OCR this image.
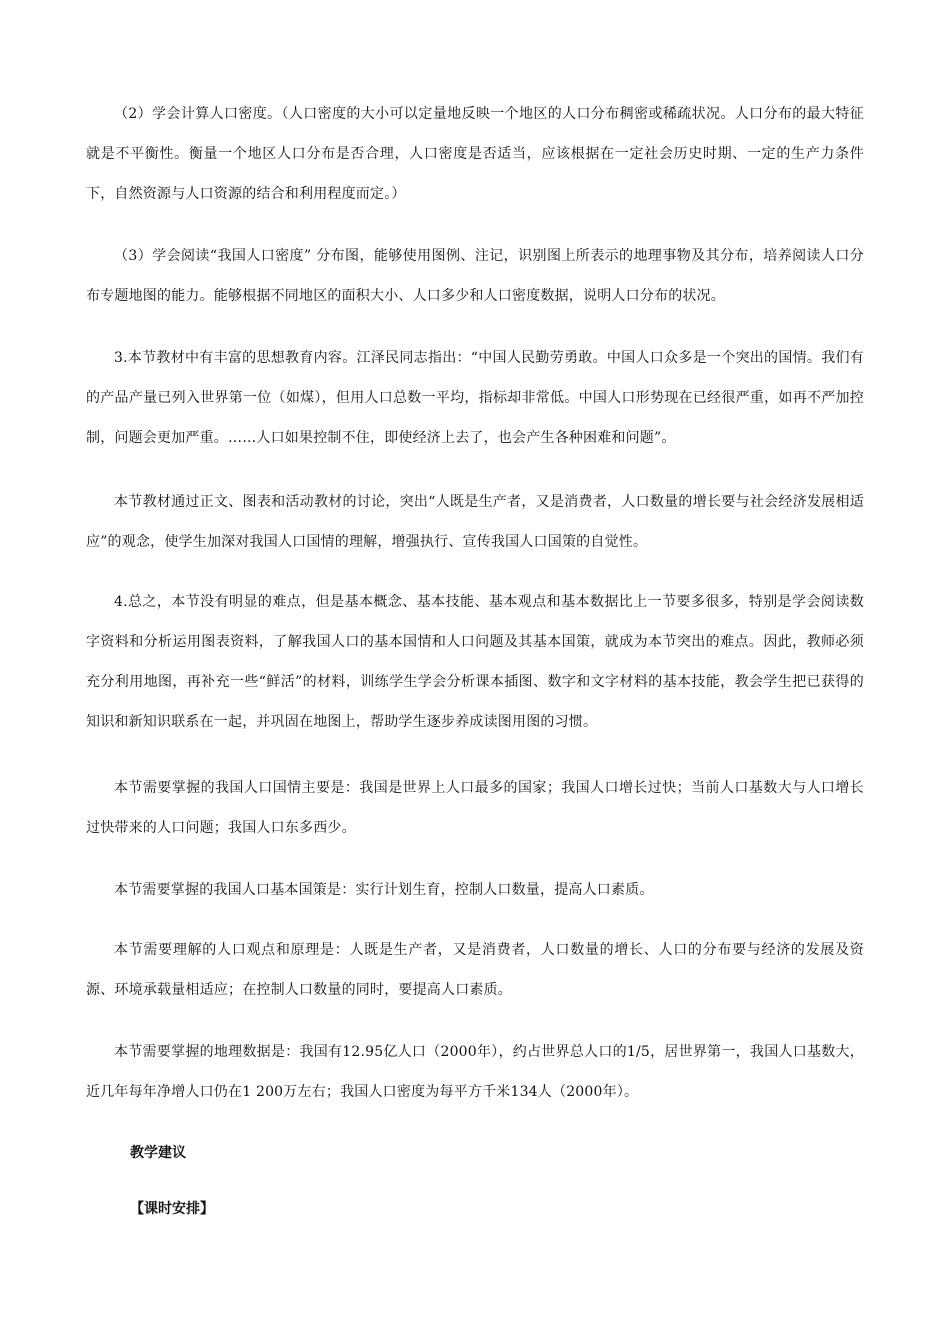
（2）学会计算人口密度。（人口密度的大小可以定量地反映一个地区的人口分布稠密或稀疏状况。人口分布的最大特征就是不平衡性。衡量一个地区人口分布是否合理，人口密度是否适当，应该根据在一定社会历史时期、一定的生产力条件下，自然资源与人口资源的结合和利用程度而定。）

（3）学会阅读“我国人口密度” 分布图，能够使用图例、注记，识别图上所表示的地理事物及其分布，培养阅读人口分布专题地图的能力。能够根据不同地区的面积大小、人口多少和人口密度数据，说明人口分布的状况。

3.本节教材中有丰富的思想教育内容。江泽民同志指出：“中国人民勤劳勇敢。中国人口众多是一个突出的国情。我们有的产品产量已列入世界第一位（如煤），但用人口总数一平均，指标却非常低。中国人口形势现在已经很严重，如再不严加控制，问题会更加严重。……人口如果控制不住，即使经济上去了，也会产生各种困难和问题”。

本节教材通过正文、图表和活动教材的讨论，突出“人既是生产者，又是消费者，人口数量的增长要与社会经济发展相适应”的观念，使学生加深对我国人口国情的理解，增强执行、宣传我国人口国策的自觉性。

4.总之，本节没有明显的难点，但是基本概念、基本技能、基本观点和基本数据比上一节要多很多，特别是学会阅读数字资料和分析运用图表资料，了解我国人口的基本国情和人口问题及其基本国策，就成为本节突出的难点。因此，教师必须充分利用地图，再补充一些“鲜活”的材料，训练学生学会分析课本插图、数字和文字材料的基本技能，教会学生把已获得的知识和新知识联系在一起，并巩固在地图上，帮助学生逐步养成读图用图的习惯。

本节需要掌握的我国人口国情主要是：我国是世界上人口最多的国家；我国人口增长过快；当前人口基数大与人口增长过快带来的人口问题；我国人口东多西少。

本节需要掌握的我国人口基本国策是：实行计划生育，控制人口数量，提高人口素质。

本节需要理解的人口观点和原理是：人既是生产者，又是消费者，人口数量的增长、人口的分布要与经济的发展及资源、环境承载量相适应；在控制人口数量的同时，要提高人口素质。

本节需要掌握的地理数据是：我国有12.95亿人口（2000年），约占世界总人口的1/5，居世界第一，我国人口基数大，近几年每年净增人口仍在1 200万左右；我国人口密度为每平方千米134人（2000年）。

教学建议

【课时安排】
